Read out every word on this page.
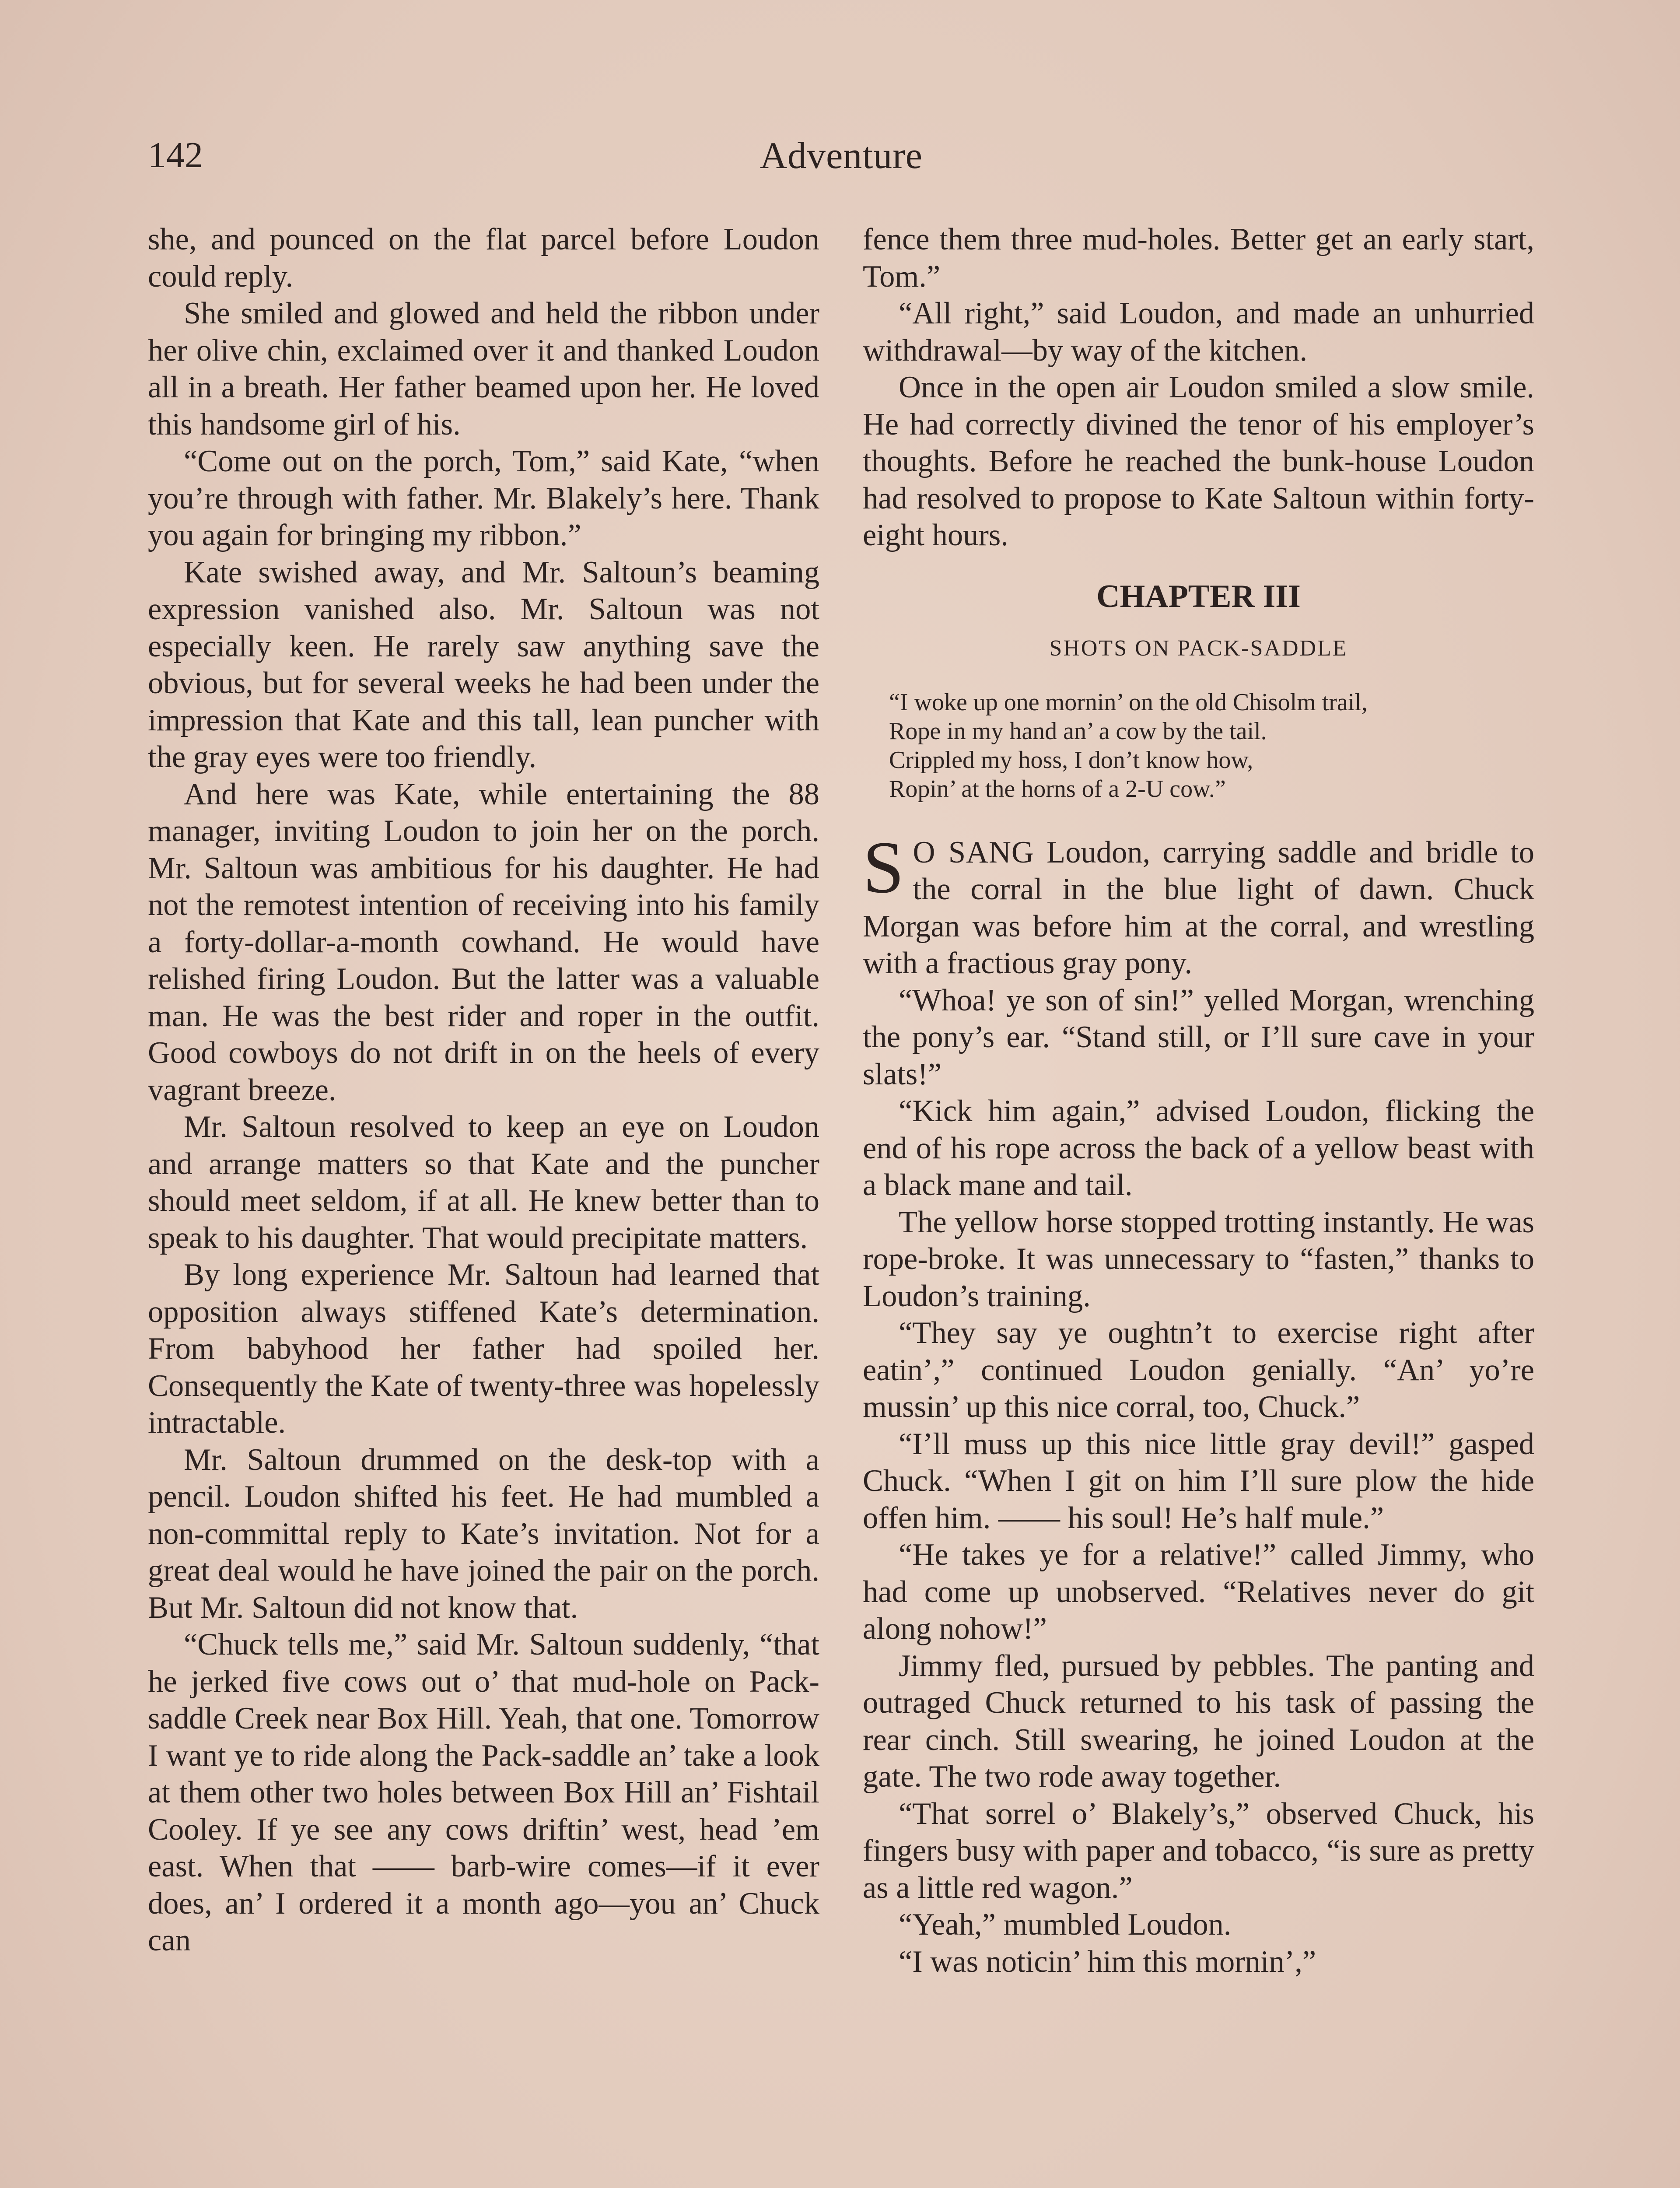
142	Adventure

she, and pounced on the flat parcel before Loudon could reply.

She smiled and glowed and held the ribbon under her olive chin, exclaimed over it and thanked Loudon all in a breath. Her father beamed upon her. He loved this handsome girl of his.

“Come out on the porch, Tom,” said Kate, “when you’re through with father. Mr. Blakely’s here. Thank you again for bringing my ribbon.”

Kate swished away, and Mr. Saltoun’s beaming expression vanished also. Mr. Saltoun was not especially keen. He rarely saw anything save the obvious, but for several weeks he had been under the impression that Kate and this tall, lean puncher with the gray eyes were too friendly.

And here was Kate, while entertaining the 88 manager, inviting Loudon to join her on the porch. Mr. Saltoun was ambitious for his daughter. He had not the remotest intention of receiving into his family a forty-dollar-a-month cowhand. He would have relished firing Loudon. But the latter was a valuable man. He was the best rider and roper in the outfit. Good cowboys do not drift in on the heels of every vagrant breeze.

Mr. Saltoun resolved to keep an eye on Loudon and arrange matters so that Kate and the puncher should meet seldom, if at all. He knew better than to speak to his daughter. That would precipitate matters.

By long experience Mr. Saltoun had learned that opposition always stiffened Kate’s determination. From babyhood her father had spoiled her. Consequently the Kate of twenty-three was hopelessly intractable.

Mr. Saltoun drummed on the desk-top with a pencil. Loudon shifted his feet. He had mumbled a non-committal reply to Kate’s invitation. Not for a great deal would he have joined the pair on the porch. But Mr. Saltoun did not know that.

“Chuck tells me,” said Mr. Saltoun suddenly, “that he jerked five cows out o’ that mud-hole on Pack-saddle Creek near Box Hill. Yeah, that one. Tomorrow I want ye to ride along the Pack-saddle an’ take a look at them other two holes between Box Hill an’ Fishtail Cooley. If ye see any cows driftin’ west, head ’em east. When that —— barb-wire comes—if it ever does, an’ I ordered it a month ago—you an’ Chuck can

fence them three mud-holes. Better get an early start, Tom.”

“All right,” said Loudon, and made an unhurried withdrawal—by way of the kitchen.

Once in the open air Loudon smiled a slow smile. He had correctly divined the tenor of his employer’s thoughts. Before he reached the bunk-house Loudon had resolved to propose to Kate Saltoun within forty-eight hours.

CHAPTER III
SHOTS ON PACK-SADDLE
“I woke up one mornin’ on the old Chisolm trail,
Rope in my hand an’ a cow by the tail.
Crippled my hoss, I don’t know how,
Ropin’ at the horns of a 2-U cow.”

S O SANG Loudon, carrying saddle and bridle to the corral in the blue light of dawn. Chuck Morgan was before him at the corral, and wrestling with a fractious gray pony.

“Whoa! ye son of sin!” yelled Morgan, wrenching the pony’s ear. “Stand still, or I’ll sure cave in your slats!”

“Kick him again,” advised Loudon, flicking the end of his rope across the back of a yellow beast with a black mane and tail.

The yellow horse stopped trotting instantly. He was rope-broke. It was unnecessary to “fasten,” thanks to Loudon’s training.

“They say ye oughtn’t to exercise right after eatin’,” continued Loudon genially. “An’ yo’re mussin’ up this nice corral, too, Chuck.”

“I’ll muss up this nice little gray devil!” gasped Chuck. “When I git on him I’ll sure plow the hide offen him. —— his soul! He’s half mule.”

“He takes ye for a relative!” called Jimmy, who had come up unobserved. “Relatives never do git along nohow!”

Jimmy fled, pursued by pebbles. The panting and outraged Chuck returned to his task of passing the rear cinch. Still swearing, he joined Loudon at the gate. The two rode away together.

“That sorrel o’ Blakely’s,” observed Chuck, his fingers busy with paper and tobacco, “is sure as pretty as a little red wagon.”

“Yeah,” mumbled Loudon.

“I was noticin’ him this mornin’,”
